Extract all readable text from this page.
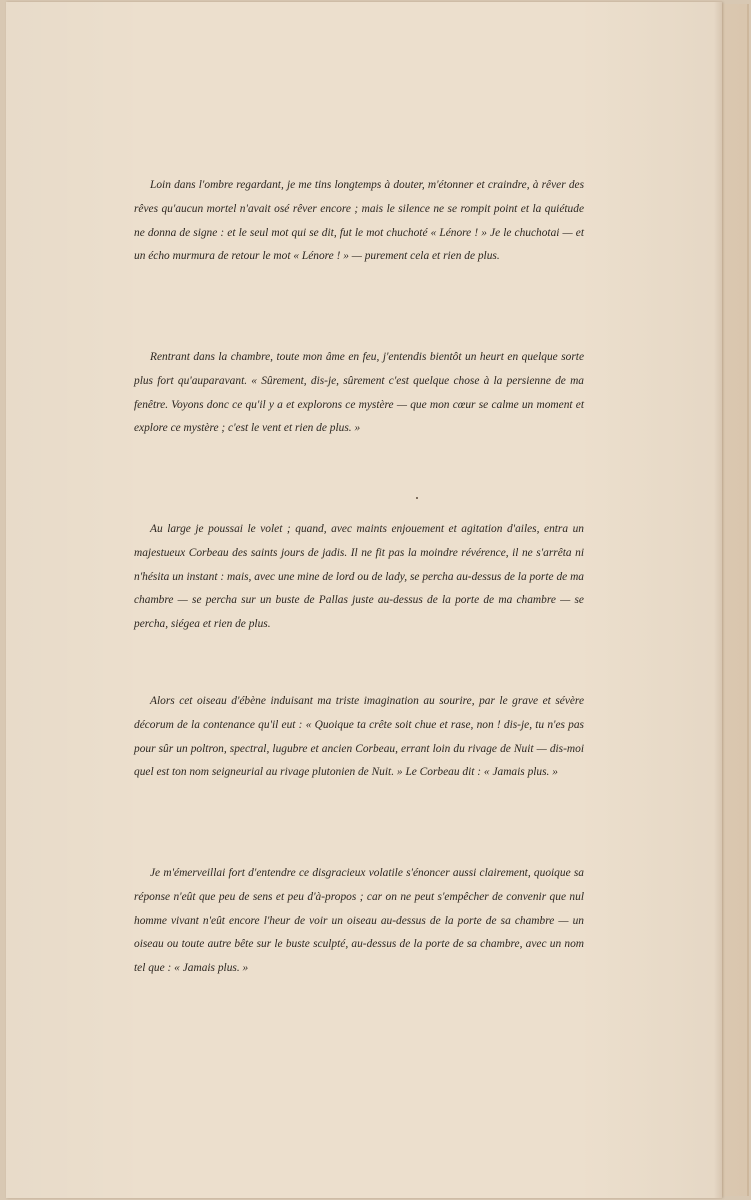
Loin dans l'ombre regardant, je me tins longtemps à douter, m'étonner et craindre, à rêver des rêves qu'aucun mortel n'avait osé rêver encore ; mais le silence ne se rompit point et la quiétude ne donna de signe : et le seul mot qui se dit, fut le mot chuchoté « Lénore ! » Je le chuchotai — et un écho murmura de retour le mot « Lénore ! » — purement cela et rien de plus.

Rentrant dans la chambre, toute mon âme en feu, j'entendis bientôt un heurt en quelque sorte plus fort qu'auparavant. « Sûrement, dis-je, sûrement c'est quelque chose à la persienne de ma fenêtre. Voyons donc ce qu'il y a et explorons ce mystère — que mon cœur se calme un moment et explore ce mystère ; c'est le vent et rien de plus. »

Au large je poussai le volet ; quand, avec maints enjouement et agitation d'ailes, entra un majestueux Corbeau des saints jours de jadis. Il ne fit pas la moindre révérence, il ne s'arrêta ni n'hésita un instant : mais, avec une mine de lord ou de lady, se percha au-dessus de la porte de ma chambre — se percha sur un buste de Pallas juste au-dessus de la porte de ma chambre — se percha, siégea et rien de plus.

Alors cet oiseau d'ébène induisant ma triste imagination au sourire, par le grave et sévère décorum de la contenance qu'il eut : « Quoique ta crête soit chue et rase, non ! dis-je, tu n'es pas pour sûr un poltron, spectral, lugubre et ancien Corbeau, errant loin du rivage de Nuit — dis-moi quel est ton nom seigneurial au rivage plutonien de Nuit. » Le Corbeau dit : « Jamais plus. »

Je m'émerveillai fort d'entendre ce disgracieux volatile s'énoncer aussi clairement, quoique sa réponse n'eût que peu de sens et peu d'à-propos ; car on ne peut s'empêcher de convenir que nul homme vivant n'eût encore l'heur de voir un oiseau au-dessus de la porte de sa chambre — un oiseau ou toute autre bête sur le buste sculpté, au-dessus de la porte de sa chambre, avec un nom tel que : « Jamais plus. »
